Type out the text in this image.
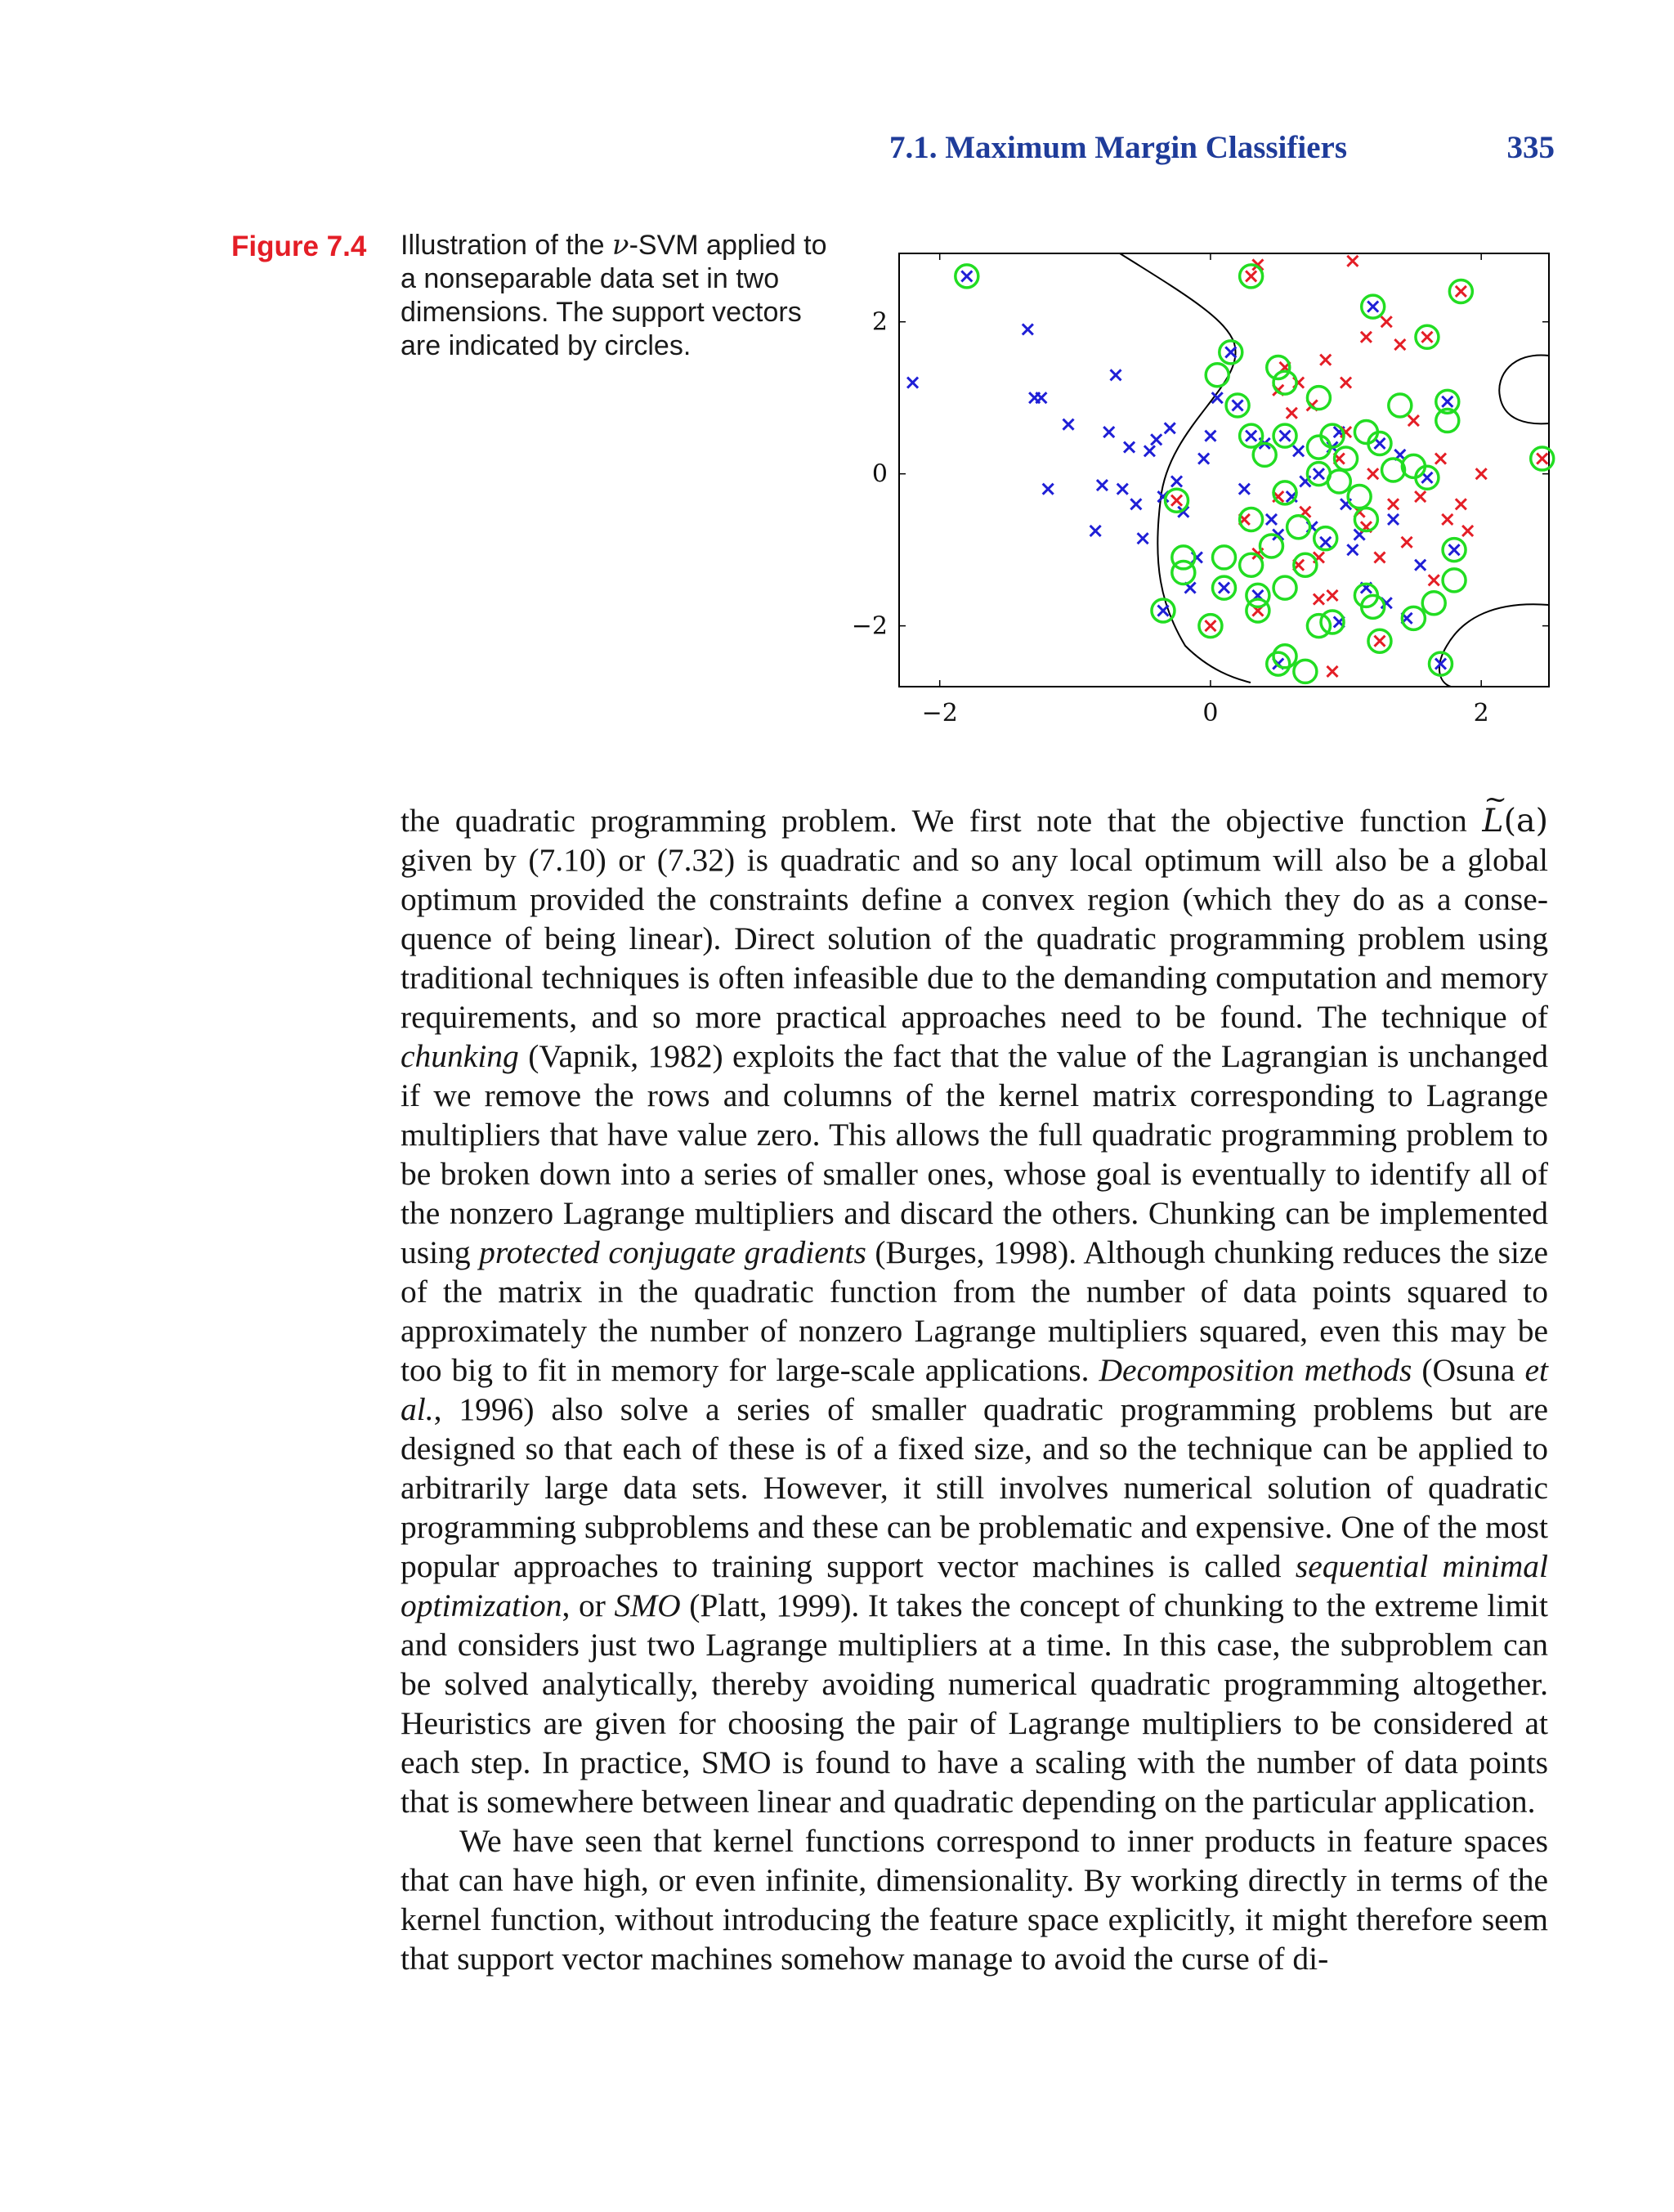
7.1. Maximum Margin Classifiers	335
Figure 7.4 Illustration of the ν-SVM applied to a nonseparable data set in two dimensions. The support vectors are indicated by circles.
−2
0
2
−2	0	2

the quadratic programming problem. We first note that the objective function ~ L(a) given by (7.10) or (7.32) is quadratic and so any local optimum will also be a global optimum provided the constraints define a convex region (which they do as a consequence of being linear). Direct solution of the quadratic programming problem using traditional techniques is often infeasible due to the demanding computation and memory requirements, and so more practical approaches need to be found. The technique of chunking (Vapnik, 1982) exploits the fact that the value of the Lagrangian is unchanged if we remove the rows and columns of the kernel matrix corresponding to Lagrange multipliers that have value zero. This allows the full quadratic programming problem to be broken down into a series of smaller ones, whose goal is eventually to identify all of the nonzero Lagrange multipliers and discard the others. Chunking can be implemented using protected conjugate gradients (Burges, 1998). Although chunking reduces the size of the matrix in the quadratic function from the number of data points squared to approximately the number of nonzero Lagrange multipliers squared, even this may be too big to fit in memory for large-scale applications. Decomposition methods (Osuna et al., 1996) also solve a series of smaller quadratic programming problems but are designed so that each of these is of a fixed size, and so the technique can be applied to arbitrarily large data sets. However, it still involves numerical solution of quadratic programming subproblems and these can be problematic and expensive. One of the most popular approaches to training support vector machines is called sequential minimal optimization, or SMO (Platt, 1999). It takes the concept of chunking to the extreme limit and considers just two Lagrange multipliers at a time. In this case, the subproblem can be solved analytically, thereby avoiding numerical quadratic programming altogether. Heuristics are given for choosing the pair of Lagrange multipliers to be considered at each step. In practice, SMO is found to have a scaling with the number of data points that is somewhere between linear and quadratic depending on the particular application.

We have seen that kernel functions correspond to inner products in feature spaces that can have high, or even infinite, dimensionality. By working directly in terms of the kernel function, without introducing the feature space explicitly, it might therefore seem that support vector machines somehow manage to avoid the curse of di-
